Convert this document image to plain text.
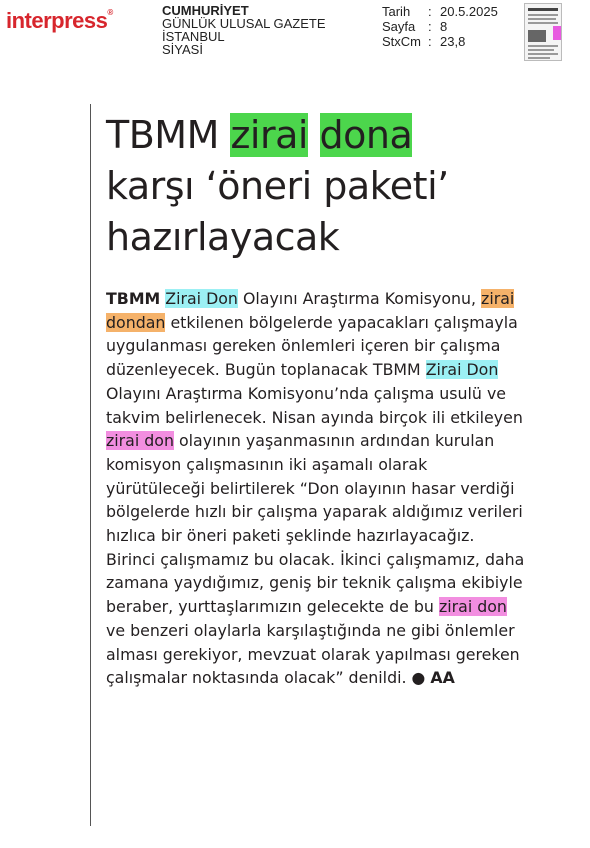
interpress®	CUMHURİYET
GÜNLÜK ULUSAL GAZETE
İSTANBUL
SİYASİ
Tarih	: 20.5.2025
Sayfa : 8
StxCm : 23,8
TBMM zirai dona
karşı ‘öneri paketi’
hazırlayacak
TBMM Zirai Don Olayını Araştırma Komisyonu, zirai dondan etkilenen bölgelerde yapacakları çalışmayla uygulanması gereken önlemleri içeren bir çalışma düzenleyecek. Bugün toplanacak TBMM Zirai Don Olayını Araştırma Komisyonu’nda çalışma usulü ve takvim belirlenecek. Nisan ayında birçok ili etkileyen zirai don olayının yaşanmasının ardından kurulan komisyon çalışmasının iki aşamalı olarak yürütüleceği belirtilerek “Don olayının hasar verdiği bölgelerde hızlı bir çalışma yaparak aldığımız verileri hızlıca bir öneri paketi şeklinde hazırlayacağız. Birinci çalışmamız bu olacak. İkinci çalışmamız, daha zamana yaydığımız, geniş bir teknik çalışma ekibiyle beraber, yurttaşlarımızın gelecekte de bu zirai don ve benzeri olaylarla karşılaştığında ne gibi önlemler alması gerekiyor, mevzuat olarak yapılması gereken çalışmalar noktasında olacak” denildi. ● AA
